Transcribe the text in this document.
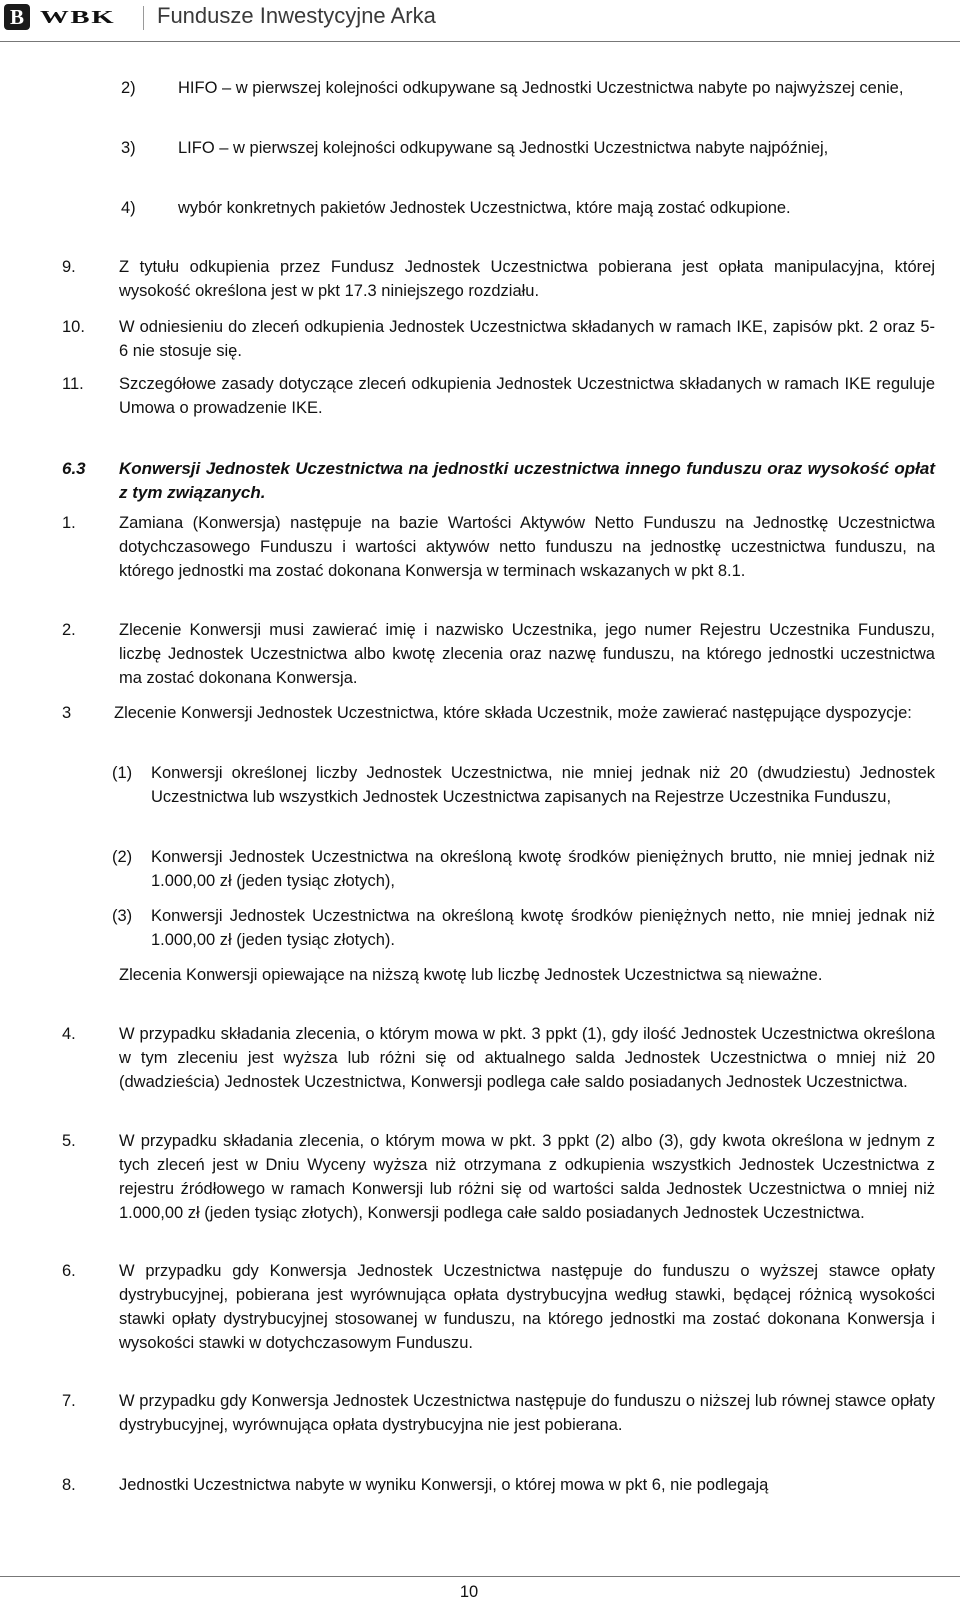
B WBK Fundusze Inwestycyjne Arka
2)	HIFO – w pierwszej kolejności odkupywane są Jednostki Uczestnictwa nabyte po najwyższej cenie,
3)	LIFO – w pierwszej kolejności odkupywane są Jednostki Uczestnictwa nabyte najpóźniej,
4)	wybór konkretnych pakietów Jednostek Uczestnictwa, które mają zostać odkupione.
9.	Z tytułu odkupienia przez Fundusz Jednostek Uczestnictwa pobierana jest opłata manipulacyjna, której wysokość określona jest w pkt 17.3 niniejszego rozdziału.
10. W odniesieniu do zleceń odkupienia Jednostek Uczestnictwa składanych w ramach IKE, zapisów pkt. 2 oraz 5-6 nie stosuje się.
11. Szczegółowe zasady dotyczące zleceń odkupienia Jednostek Uczestnictwa składanych w ramach IKE reguluje Umowa o prowadzenie IKE.
6.3 Konwersji Jednostek Uczestnictwa na jednostki uczestnictwa innego funduszu oraz wysokość opłat z tym związanych.
1.	Zamiana (Konwersja) następuje na bazie Wartości Aktywów Netto Funduszu na Jednostkę Uczestnictwa dotychczasowego Funduszu i wartości aktywów netto funduszu na jednostkę uczestnictwa funduszu, na którego jednostki ma zostać dokonana Konwersja w terminach wskazanych w pkt 8.1.
2.	Zlecenie Konwersji musi zawierać imię i nazwisko Uczestnika, jego numer Rejestru Uczestnika Funduszu, liczbę Jednostek Uczestnictwa albo kwotę zlecenia oraz nazwę funduszu, na którego jednostki uczestnictwa ma zostać dokonana Konwersja.
3	Zlecenie Konwersji Jednostek Uczestnictwa, które składa Uczestnik, może zawierać następujące dyspozycje:
(1) Konwersji określonej liczby Jednostek Uczestnictwa, nie mniej jednak niż 20 (dwudziestu) Jednostek Uczestnictwa lub wszystkich Jednostek Uczestnictwa zapisanych na Rejestrze Uczestnika Funduszu,
(2) Konwersji Jednostek Uczestnictwa na określoną kwotę środków pieniężnych brutto, nie mniej jednak niż 1.000,00 zł (jeden tysiąc złotych),
(3) Konwersji Jednostek Uczestnictwa na określoną kwotę środków pieniężnych netto, nie mniej jednak niż 1.000,00 zł (jeden tysiąc złotych).
Zlecenia Konwersji opiewające na niższą kwotę lub liczbę Jednostek Uczestnictwa są nieważne.
4.	W przypadku składania zlecenia, o którym mowa w pkt. 3 ppkt (1), gdy ilość Jednostek Uczestnictwa określona w tym zleceniu jest wyższa lub różni się od aktualnego salda Jednostek Uczestnictwa o mniej niż 20 (dwadzieścia) Jednostek Uczestnictwa, Konwersji podlega całe saldo posiadanych Jednostek Uczestnictwa.
5.	W przypadku składania zlecenia, o którym mowa w pkt. 3 ppkt (2) albo (3), gdy kwota określona w jednym z tych zleceń jest w Dniu Wyceny wyższa niż otrzymana z odkupienia wszystkich Jednostek Uczestnictwa z rejestru źródłowego w ramach Konwersji lub różni się od wartości salda Jednostek Uczestnictwa o mniej niż 1.000,00 zł (jeden tysiąc złotych), Konwersji podlega całe saldo posiadanych Jednostek Uczestnictwa.
6.	W przypadku gdy Konwersja Jednostek Uczestnictwa następuje do funduszu o wyższej stawce opłaty dystrybucyjnej, pobierana jest wyrównująca opłata dystrybucyjna według stawki, będącej różnicą wysokości stawki opłaty dystrybucyjnej stosowanej w funduszu, na którego jednostki ma zostać dokonana Konwersja i wysokości stawki w dotychczasowym Funduszu.
7.	W przypadku gdy Konwersja Jednostek Uczestnictwa następuje do funduszu o niższej lub równej stawce opłaty dystrybucyjnej, wyrównująca opłata dystrybucyjna nie jest pobierana.
8.	Jednostki Uczestnictwa nabyte w wyniku Konwersji, o której mowa w pkt 6, nie podlegają
10
